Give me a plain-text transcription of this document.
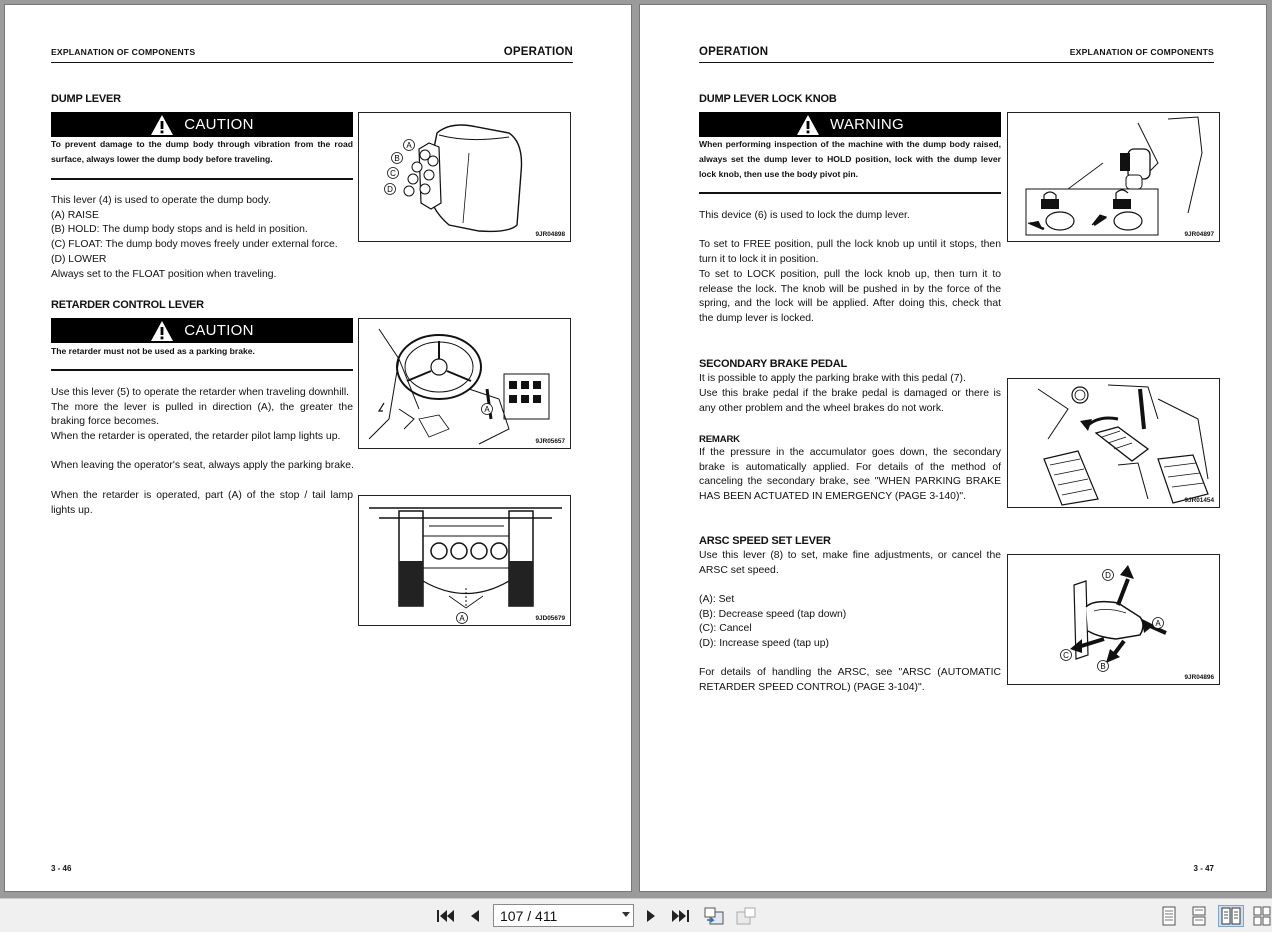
EXPLANATION OF COMPONENTS	OPERATION
DUMP LEVER
CAUTION
To prevent damage to the dump body through vibration from the road surface, always lower the dump body before traveling.
This lever (4) is used to operate the dump body.
(A) RAISE
(B) HOLD: The dump body stops and is held in position.
(C) FLOAT: The dump body moves freely under external force.
(D) LOWER
Always set to the FLOAT position when traveling.
A
B
C
D
9JR04898
RETARDER CONTROL LEVER
CAUTION
The retarder must not be used as a parking brake.
Use this lever (5) to operate the retarder when traveling downhill.
The more the lever is pulled in direction (A), the greater the braking force becomes.
When the retarder is operated, the retarder pilot lamp lights up.
When leaving the operator's seat, always apply the parking brake.
When the retarder is operated, part (A) of the stop / tail lamp lights up.
A
9JR05657
A	9JD05679
3 - 46
OPERATION	EXPLANATION OF COMPONENTS
DUMP LEVER LOCK KNOB
WARNING
When performing inspection of the machine with the dump body raised, always set the dump lever to HOLD position, lock with the dump lever lock knob, then use the body pivot pin.
This device (6) is used to lock the dump lever.
To set to FREE position, pull the lock knob up until it stops, then turn it to lock it in position.
To set to LOCK position, pull the lock knob up, then turn it to release the lock. The knob will be pushed in by the force of the spring, and the lock will be applied. After doing this, check that the dump lever is locked.
9JR04897
SECONDARY BRAKE PEDAL
It is possible to apply the parking brake with this pedal (7).
Use this brake pedal if the brake pedal is damaged or there is any other problem and the wheel brakes do not work.
REMARK
If the pressure in the accumulator goes down, the secondary brake is automatically applied. For details of the method of canceling the secondary brake, see "WHEN PARKING BRAKE HAS BEEN ACTUATED IN EMERGENCY (PAGE 3-140)".	9JR01454
ARSC SPEED SET LEVER
Use this lever (8) to set, make fine adjustments, or cancel the ARSC set speed.
(A): Set
(B): Decrease speed (tap down)
(C): Cancel
(D): Increase speed (tap up)
For details of handling the ARSC, see "ARSC (AUTOMATIC RETARDER SPEED CONTROL) (PAGE 3-104)".
A
B
C
D
9JR04896
3 - 47
107 / 411
